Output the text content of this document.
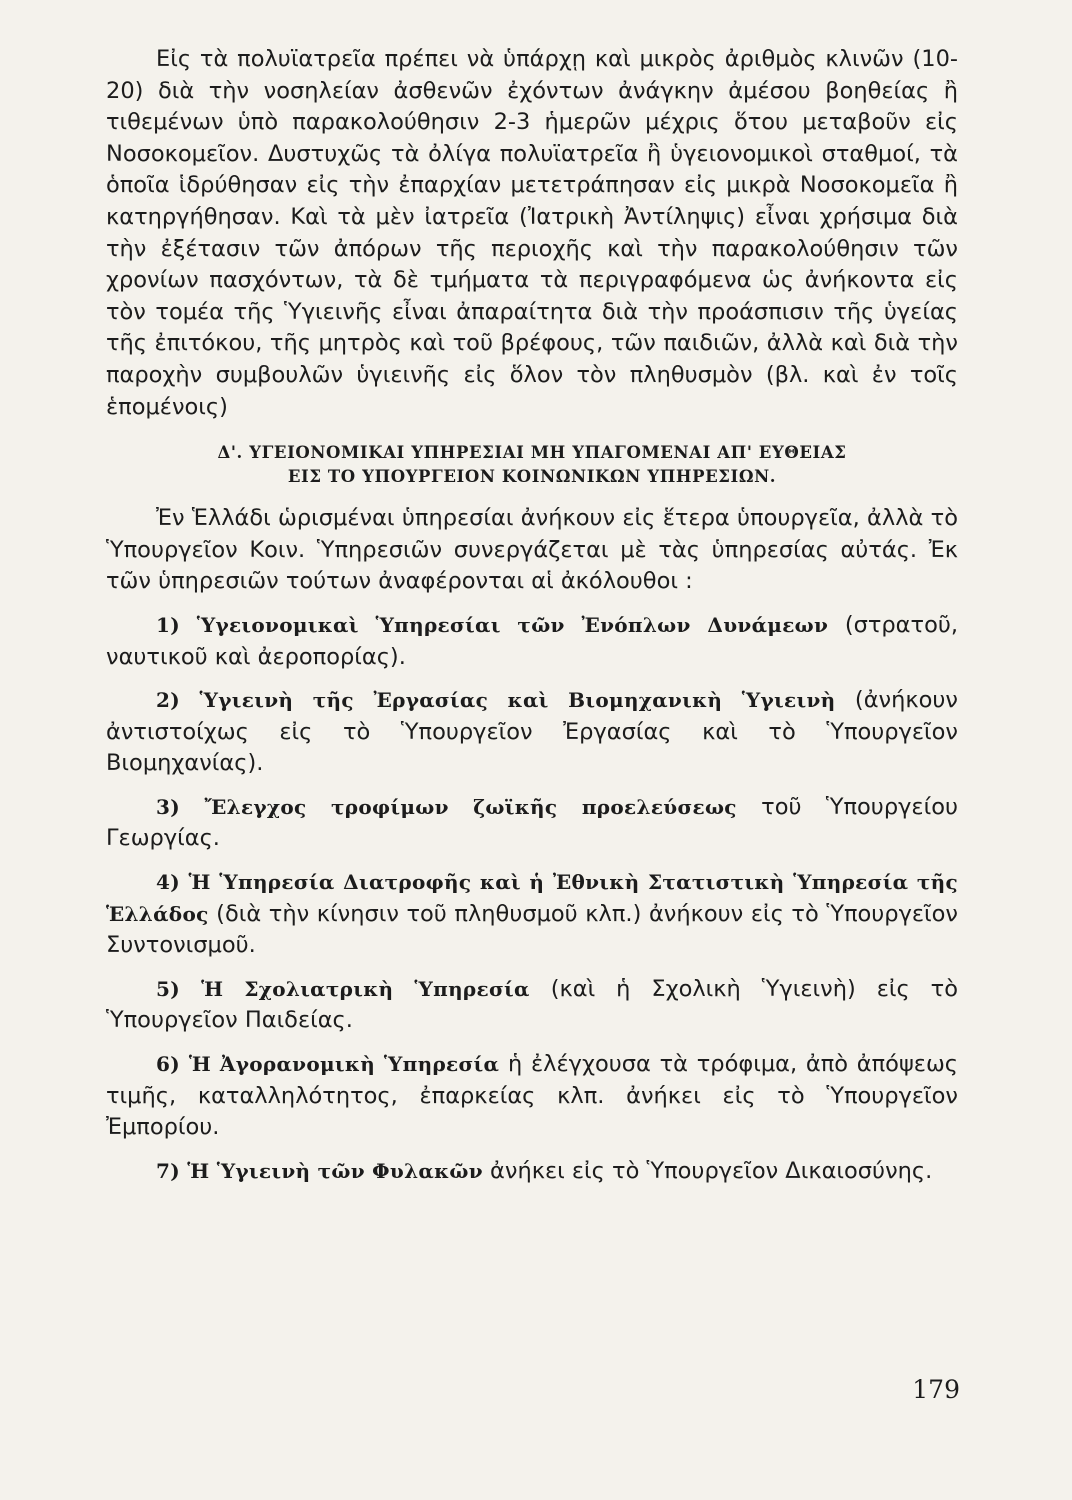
Εἰς τὰ πολυϊατρεῖα πρέπει νὰ ὑπάρχῃ καὶ μικρὸς ἀριθμὸς κλινῶν (10-20) διὰ τὴν νοσηλείαν ἀσθενῶν ἐχόντων ἀνάγκην ἀμέσου βοηθείας ἢ τιθεμένων ὑπὸ παρακολούθησιν 2-3 ἡμερῶν μέχρις ὅτου μεταβοῦν εἰς Νοσοκομεῖον. Δυστυχῶς τὰ ὀλίγα πολυϊατρεῖα ἢ ὑγειονομικοὶ σταθμοί, τὰ ὁποῖα ἱδρύθησαν εἰς τὴν ἐπαρχίαν μετετράπησαν εἰς μικρὰ Νοσοκομεῖα ἢ κατηργήθησαν. Καὶ τὰ μὲν ἰατρεῖα (Ἰατρικὴ Ἀντίληψις) εἶναι χρήσιμα διὰ τὴν ἐξέτασιν τῶν ἀπόρων τῆς περιοχῆς καὶ τὴν παρακολούθησιν τῶν χρονίων πασχόντων, τὰ δὲ τμήματα τὰ περιγραφόμενα ὡς ἀνήκοντα εἰς τὸν τομέα τῆς Ὑγιεινῆς εἶναι ἀπαραίτητα διὰ τὴν προάσπισιν τῆς ὑγείας τῆς ἐπιτόκου, τῆς μητρὸς καὶ τοῦ βρέφους, τῶν παιδιῶν, ἀλλὰ καὶ διὰ τὴν παροχὴν συμβουλῶν ὑγιεινῆς εἰς ὅλον τὸν πληθυσμὸν (βλ. καὶ ἐν τοῖς ἑπομένοις)

Δ'. ΥΓΕΙΟΝΟΜΙΚΑΙ ΥΠΗΡΕΣΙΑΙ ΜΗ ΥΠΑΓΟΜΕΝΑΙ ΑΠ' ΕΥΘΕΙΑΣ
ΕΙΣ ΤΟ ΥΠΟΥΡΓΕΙΟΝ ΚΟΙΝΩΝΙΚΩΝ ΥΠΗΡΕΣΙΩΝ.

Ἐν Ἑλλάδι ὡρισμέναι ὑπηρεσίαι ἀνήκουν εἰς ἕτερα ὑπουργεῖα, ἀλλὰ τὸ Ὑπουργεῖον Κοιν. Ὑπηρεσιῶν συνεργάζεται μὲ τὰς ὑπηρεσίας αὐτάς. Ἐκ τῶν ὑπηρεσιῶν τούτων ἀναφέρονται αἱ ἀκόλουθοι :

1) Ὑγειονομικαὶ Ὑπηρεσίαι τῶν Ἐνόπλων Δυνάμεων (στρατοῦ, ναυτικοῦ καὶ ἀεροπορίας).

2) Ὑγιεινὴ τῆς Ἐργασίας καὶ Βιομηχανικὴ Ὑγιεινὴ (ἀνήκουν ἀντιστοίχως εἰς τὸ Ὑπουργεῖον Ἐργασίας καὶ τὸ Ὑπουργεῖον Βιομηχανίας).

3) Ἔλεγχος τροφίμων ζωϊκῆς προελεύσεως τοῦ Ὑπουργείου Γεωργίας.

4) Ἡ Ὑπηρεσία Διατροφῆς καὶ ἡ Ἐθνικὴ Στατιστικὴ Ὑπηρεσία τῆς Ἑλλάδος (διὰ τὴν κίνησιν τοῦ πληθυσμοῦ κλπ.) ἀνήκουν εἰς τὸ Ὑπουργεῖον Συντονισμοῦ.

5) Ἡ Σχολιατρικὴ Ὑπηρεσία (καὶ ἡ Σχολικὴ Ὑγιεινὴ) εἰς τὸ Ὑπουργεῖον Παιδείας.

6) Ἡ Ἀγορανομικὴ Ὑπηρεσία ἡ ἐλέγχουσα τὰ τρόφιμα, ἀπὸ ἀπόψεως τιμῆς, καταλληλότητος, ἐπαρκείας κλπ. ἀνήκει εἰς τὸ Ὑπουργεῖον Ἐμπορίου.

7) Ἡ Ὑγιεινὴ τῶν Φυλακῶν ἀνήκει εἰς τὸ Ὑπουργεῖον Δικαιοσύνης.

179
